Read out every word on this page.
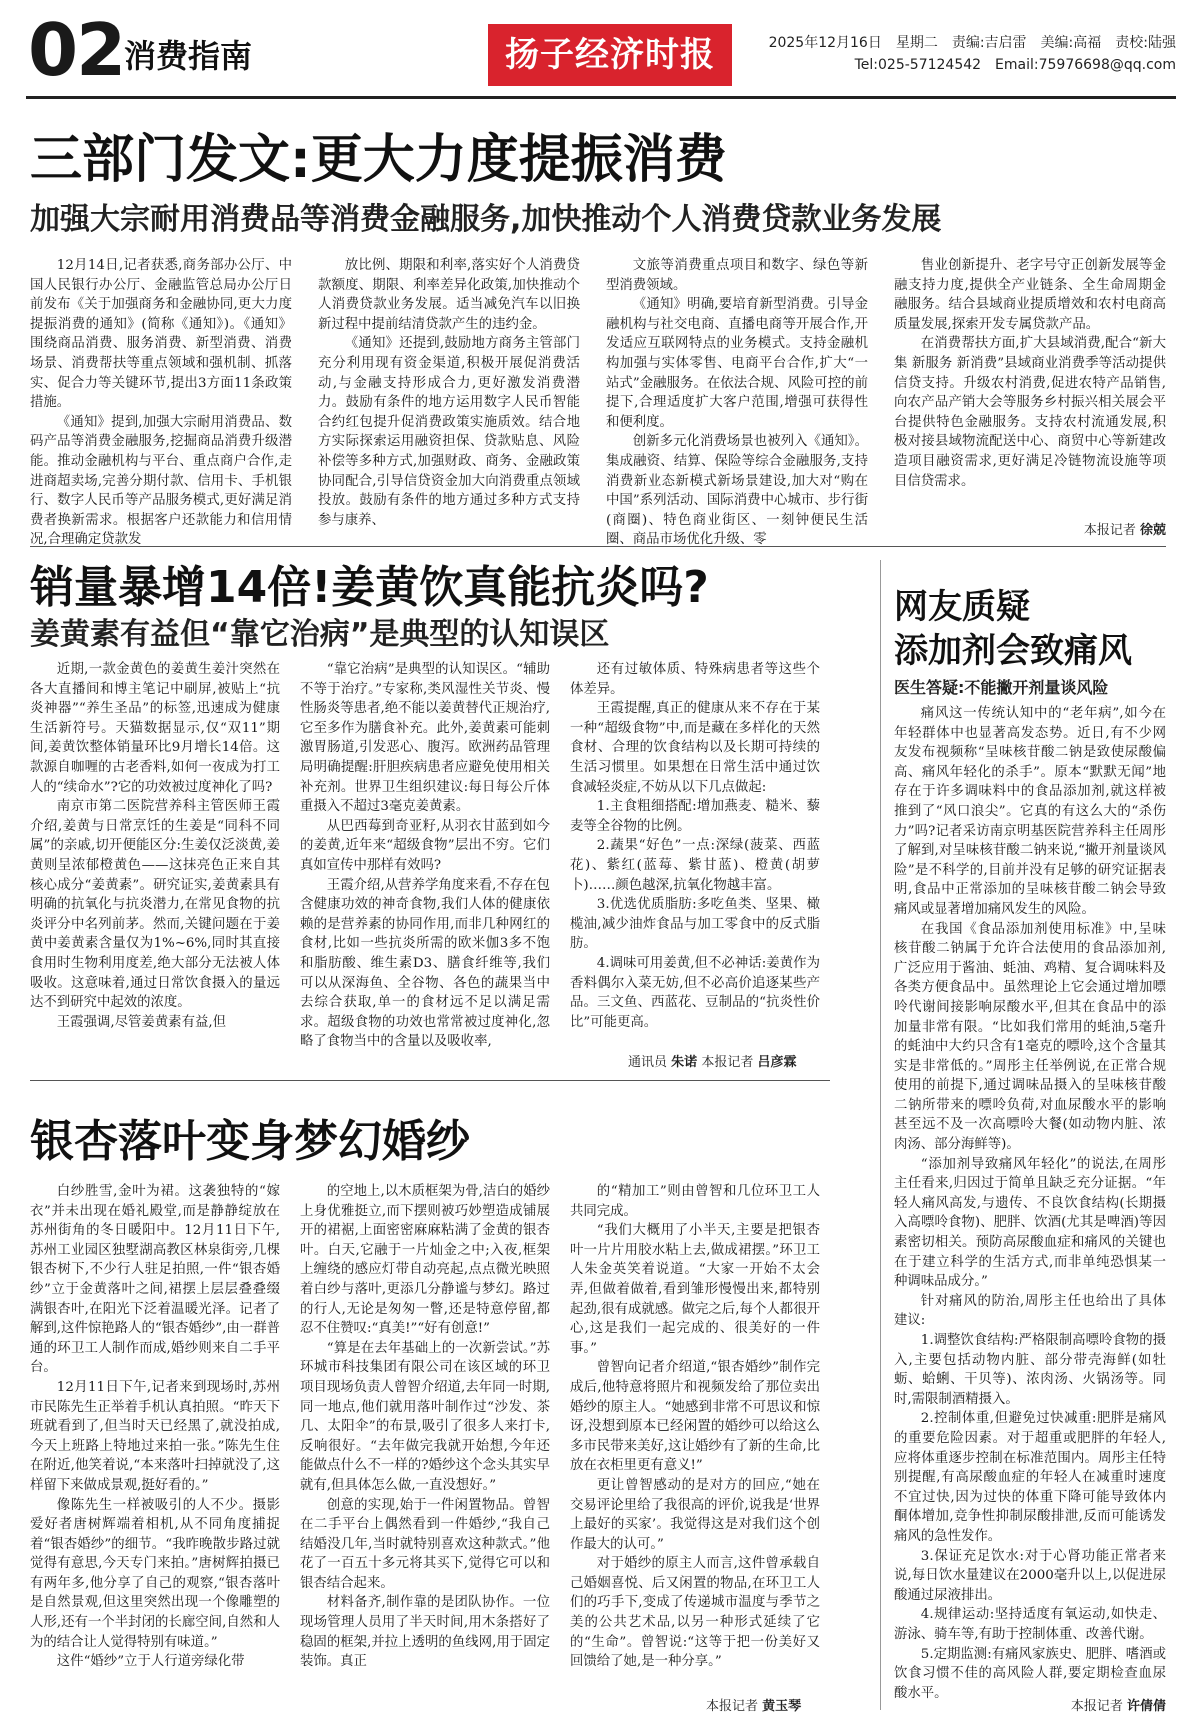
02 消费指南	扬子经济时报	2025年12月16日　星期二　责编:吉启雷　美编:高福　责校:陆强
Tel:025-57124542　Email:75976698@qq.com
三部门发文:更大力度提振消费
加强大宗耐用消费品等消费金融服务,加快推动个人消费贷款业务发展

12月14日,记者获悉,商务部办公厅、中国人民银行办公厅、金融监管总局办公厅日前发布《关于加强商务和金融协同,更大力度提振消费的通知》(简称《通知》)。《通知》围绕商品消费、服务消费、新型消费、消费场景、消费帮扶等重点领域和强机制、抓落实、促合力等关键环节,提出3方面11条政策措施。

《通知》提到,加强大宗耐用消费品、数码产品等消费金融服务,挖掘商品消费升级潜能。推动金融机构与平台、重点商户合作,走进商超卖场,完善分期付款、信用卡、手机银行、数字人民币等产品服务模式,更好满足消费者换新需求。根据客户还款能力和信用情况,合理确定贷款发

放比例、期限和利率,落实好个人消费贷款额度、期限、利率差异化政策,加快推动个人消费贷款业务发展。适当减免汽车以旧换新过程中提前结清贷款产生的违约金。

《通知》还提到,鼓励地方商务主管部门充分利用现有资金渠道,积极开展促消费活动,与金融支持形成合力,更好激发消费潜力。鼓励有条件的地方运用数字人民币智能合约红包提升促消费政策实施质效。结合地方实际探索运用融资担保、贷款贴息、风险补偿等多种方式,加强财政、商务、金融政策协同配合,引导信贷资金加大向消费重点领域投放。鼓励有条件的地方通过多种方式支持参与康养、

文旅等消费重点项目和数字、绿色等新型消费领域。

《通知》明确,要培育新型消费。引导金融机构与社交电商、直播电商等开展合作,开发适应互联网特点的业务模式。支持金融机构加强与实体零售、电商平台合作,扩大“一站式”金融服务。在依法合规、风险可控的前提下,合理适度扩大客户范围,增强可获得性和便利度。

创新多元化消费场景也被列入《通知》。集成融资、结算、保险等综合金融服务,支持消费新业态新模式新场景建设,加大对“购在中国”系列活动、国际消费中心城市、步行街(商圈)、特色商业街区、一刻钟便民生活圈、商品市场优化升级、零

售业创新提升、老字号守正创新发展等金融支持力度,提供全产业链条、全生命周期金融服务。结合县域商业提质增效和农村电商高质量发展,探索开发专属贷款产品。

在消费帮扶方面,扩大县域消费,配合“新大集 新服务 新消费”县域商业消费季等活动提供信贷支持。升级农村消费,促进农特产品销售,向农产品产销大会等服务乡村振兴相关展会平台提供特色金融服务。支持农村流通发展,积极对接县域物流配送中心、商贸中心等新建改造项目融资需求,更好满足冷链物流设施等项目信贷需求。

本报记者 徐兢
销量暴增14倍!姜黄饮真能抗炎吗?
姜黄素有益但“靠它治病”是典型的认知误区

近期,一款金黄色的姜黄生姜汁突然在各大直播间和博主笔记中刷屏,被贴上“抗炎神器”“养生圣品”的标签,迅速成为健康生活新符号。天猫数据显示,仅“双11”期间,姜黄饮整体销量环比9月增长14倍。这款源自咖喱的古老香料,如何一夜成为打工人的“续命水”?它的功效被过度神化了吗?

南京市第二医院营养科主管医师王霞介绍,姜黄与日常烹饪的生姜是“同科不同属”的亲戚,切开便能区分:生姜仅泛淡黄,姜黄则呈浓郁橙黄色——这抹亮色正来自其核心成分“姜黄素”。研究证实,姜黄素具有明确的抗氧化与抗炎潜力,在常见食物的抗炎评分中名列前茅。然而,关键问题在于姜黄中姜黄素含量仅为1%~6%,同时其直接食用时生物利用度差,绝大部分无法被人体吸收。这意味着,通过日常饮食摄入的量远达不到研究中起效的浓度。

王霞强调,尽管姜黄素有益,但

“靠它治病”是典型的认知误区。“辅助不等于治疗。”专家称,类风湿性关节炎、慢性肠炎等患者,绝不能以姜黄替代正规治疗,它至多作为膳食补充。此外,姜黄素可能刺激胃肠道,引发恶心、腹泻。欧洲药品管理局明确提醒:肝胆疾病患者应避免使用相关补充剂。世界卫生组织建议:每日每公斤体重摄入不超过3毫克姜黄素。

从巴西莓到奇亚籽,从羽衣甘蓝到如今的姜黄,近年来“超级食物”层出不穷。它们真如宣传中那样有效吗?

王霞介绍,从营养学角度来看,不存在包含健康功效的神奇食物,我们人体的健康依赖的是营养素的协同作用,而非几种网红的食材,比如一些抗炎所需的欧米伽3多不饱和脂肪酸、维生素D3、膳食纤维等,我们可以从深海鱼、全谷物、各色的蔬果当中去综合获取,单一的食材远不足以满足需求。超级食物的功效也常常被过度神化,忽略了食物当中的含量以及吸收率,

还有过敏体质、特殊病患者等这些个体差异。

王霞提醒,真正的健康从来不存在于某一种“超级食物”中,而是藏在多样化的天然食材、合理的饮食结构以及长期可持续的生活习惯里。如果想在日常生活中通过饮食减轻炎症,不妨从以下几点做起:

1.主食粗细搭配:增加燕麦、糙米、藜麦等全谷物的比例。

2.蔬果“好色”一点:深绿(菠菜、西蓝花)、紫红(蓝莓、紫甘蓝)、橙黄(胡萝卜)……颜色越深,抗氧化物越丰富。

3.优选优质脂肪:多吃鱼类、坚果、橄榄油,减少油炸食品与加工零食中的反式脂肪。

4.调味可用姜黄,但不必神话:姜黄作为香料偶尔入菜无妨,但不必高价追逐某些产品。三文鱼、西蓝花、豆制品的“抗炎性价比”可能更高。

通讯员 朱诺 本报记者 吕彦霖
银杏落叶变身梦幻婚纱

白纱胜雪,金叶为裙。这袭独特的“嫁衣”并未出现在婚礼殿堂,而是静静绽放在苏州街角的冬日暖阳中。12月11日下午,苏州工业园区独墅湖高教区林泉街旁,几棵银杏树下,不少行人驻足拍照,一件“银杏婚纱”立于金黄落叶之间,裙摆上层层叠叠缀满银杏叶,在阳光下泛着温暖光泽。记者了解到,这件惊艳路人的“银杏婚纱”,由一群普通的环卫工人制作而成,婚纱则来自二手平台。

12月11日下午,记者来到现场时,苏州市民陈先生正举着手机认真拍照。“昨天下班就看到了,但当时天已经黑了,就没拍成,今天上班路上特地过来拍一张。”陈先生住在附近,他笑着说,“本来落叶扫掉就没了,这样留下来做成景观,挺好看的。”

像陈先生一样被吸引的人不少。摄影爱好者唐树辉端着相机,从不同角度捕捉着“银杏婚纱”的细节。“我昨晚散步路过就觉得有意思,今天专门来拍。”唐树辉拍摄已有两年多,他分享了自己的观察,“银杏落叶是自然景观,但这里突然出现一个像雕塑的人形,还有一个半封闭的长廊空间,自然和人为的结合让人觉得特别有味道。”

这件“婚纱”立于人行道旁绿化带

的空地上,以木质框架为骨,洁白的婚纱上身优雅挺立,而下摆则被巧妙塑造成铺展开的裙裾,上面密密麻麻粘满了金黄的银杏叶。白天,它融于一片灿金之中;入夜,框架上缠绕的感应灯带自动亮起,点点微光映照着白纱与落叶,更添几分静谧与梦幻。路过的行人,无论是匆匆一瞥,还是特意停留,都忍不住赞叹:“真美!”“好有创意!”

“算是在去年基础上的一次新尝试。”苏环城市科技集团有限公司在该区域的环卫项目现场负责人曾智介绍道,去年同一时期,同一地点,他们就用落叶制作过“沙发、茶几、太阳伞”的布景,吸引了很多人来打卡,反响很好。“去年做完我就开始想,今年还能做点什么不一样的?婚纱这个念头其实早就有,但具体怎么做,一直没想好。”

创意的实现,始于一件闲置物品。曾智在二手平台上偶然看到一件婚纱,“我自己结婚没几年,当时就特别喜欢这种款式。”他花了一百五十多元将其买下,觉得它可以和银杏结合起来。

材料备齐,制作靠的是团队协作。一位现场管理人员用了半天时间,用木条搭好了稳固的框架,并拉上透明的鱼线网,用于固定装饰。真正

的“精加工”则由曾智和几位环卫工人共同完成。

“我们大概用了小半天,主要是把银杏叶一片片用胶水粘上去,做成裙摆。”环卫工人朱金英笑着说道。“大家一开始不太会弄,但做着做着,看到雏形慢慢出来,都特别起劲,很有成就感。做完之后,每个人都很开心,这是我们一起完成的、很美好的一件事。”

曾智向记者介绍道,“银杏婚纱”制作完成后,他特意将照片和视频发给了那位卖出婚纱的原主人。“她感到非常不可思议和惊讶,没想到原本已经闲置的婚纱可以给这么多市民带来美好,这让婚纱有了新的生命,比放在衣柜里更有意义!”

更让曾智感动的是对方的回应,“她在交易评论里给了我很高的评价,说我是‘世界上最好的买家’。我觉得这是对我们这个创作最大的认可。”

对于婚纱的原主人而言,这件曾承载自己婚姻喜悦、后又闲置的物品,在环卫工人们的巧手下,变成了传递城市温度与季节之美的公共艺术品,以另一种形式延续了它的“生命”。曾智说:“这等于把一份美好又回馈给了她,是一种分享。”

本报记者 黄玉琴
网友质疑
添加剂会致痛风
医生答疑:不能撇开剂量谈风险

痛风这一传统认知中的“老年病”,如今在年轻群体中也显著高发态势。近日,有不少网友发布视频称“呈味核苷酸二钠是致使尿酸偏高、痛风年轻化的杀手”。原本“默默无闻”地存在于许多调味料中的食品添加剂,就这样被推到了“风口浪尖”。它真的有这么大的“杀伤力”吗?记者采访南京明基医院营养科主任周彤了解到,对呈味核苷酸二钠来说,“撇开剂量谈风险”是不科学的,目前并没有足够的研究证据表明,食品中正常添加的呈味核苷酸二钠会导致痛风或显著增加痛风发生的风险。

在我国《食品添加剂使用标准》中,呈味核苷酸二钠属于允许合法使用的食品添加剂,广泛应用于酱油、蚝油、鸡精、复合调味料及各类方便食品中。虽然理论上它会通过增加嘌呤代谢间接影响尿酸水平,但其在食品中的添加量非常有限。“比如我们常用的蚝油,5毫升的蚝油中大约只含有1毫克的嘌呤,这个含量其实是非常低的。”周彤主任举例说,在正常合规使用的前提下,通过调味品摄入的呈味核苷酸二钠所带来的嘌呤负荷,对血尿酸水平的影响甚至远不及一次高嘌呤大餐(如动物内脏、浓肉汤、部分海鲜等)。

“添加剂导致痛风年轻化”的说法,在周彤主任看来,归因过于简单且缺乏充分证据。“年轻人痛风高发,与遗传、不良饮食结构(长期摄入高嘌呤食物)、肥胖、饮酒(尤其是啤酒)等因素密切相关。预防高尿酸血症和痛风的关键也在于建立科学的生活方式,而非单纯恐惧某一种调味品成分。”

针对痛风的防治,周彤主任也给出了具体建议:

1.调整饮食结构:严格限制高嘌呤食物的摄入,主要包括动物内脏、部分带壳海鲜(如牡蛎、蛤蜊、干贝等)、浓肉汤、火锅汤等。同时,需限制酒精摄入。

2.控制体重,但避免过快减重:肥胖是痛风的重要危险因素。对于超重或肥胖的年轻人,应将体重逐步控制在标准范围内。周彤主任特别提醒,有高尿酸血症的年轻人在减重时速度不宜过快,因为过快的体重下降可能导致体内酮体增加,竞争性抑制尿酸排泄,反而可能诱发痛风的急性发作。

3.保证充足饮水:对于心肾功能正常者来说,每日饮水量建议在2000毫升以上,以促进尿酸通过尿液排出。

4.规律运动:坚持适度有氧运动,如快走、游泳、骑车等,有助于控制体重、改善代谢。

5.定期监测:有痛风家族史、肥胖、嗜酒或饮食习惯不佳的高风险人群,要定期检查血尿酸水平。

本报记者 许倩倩
